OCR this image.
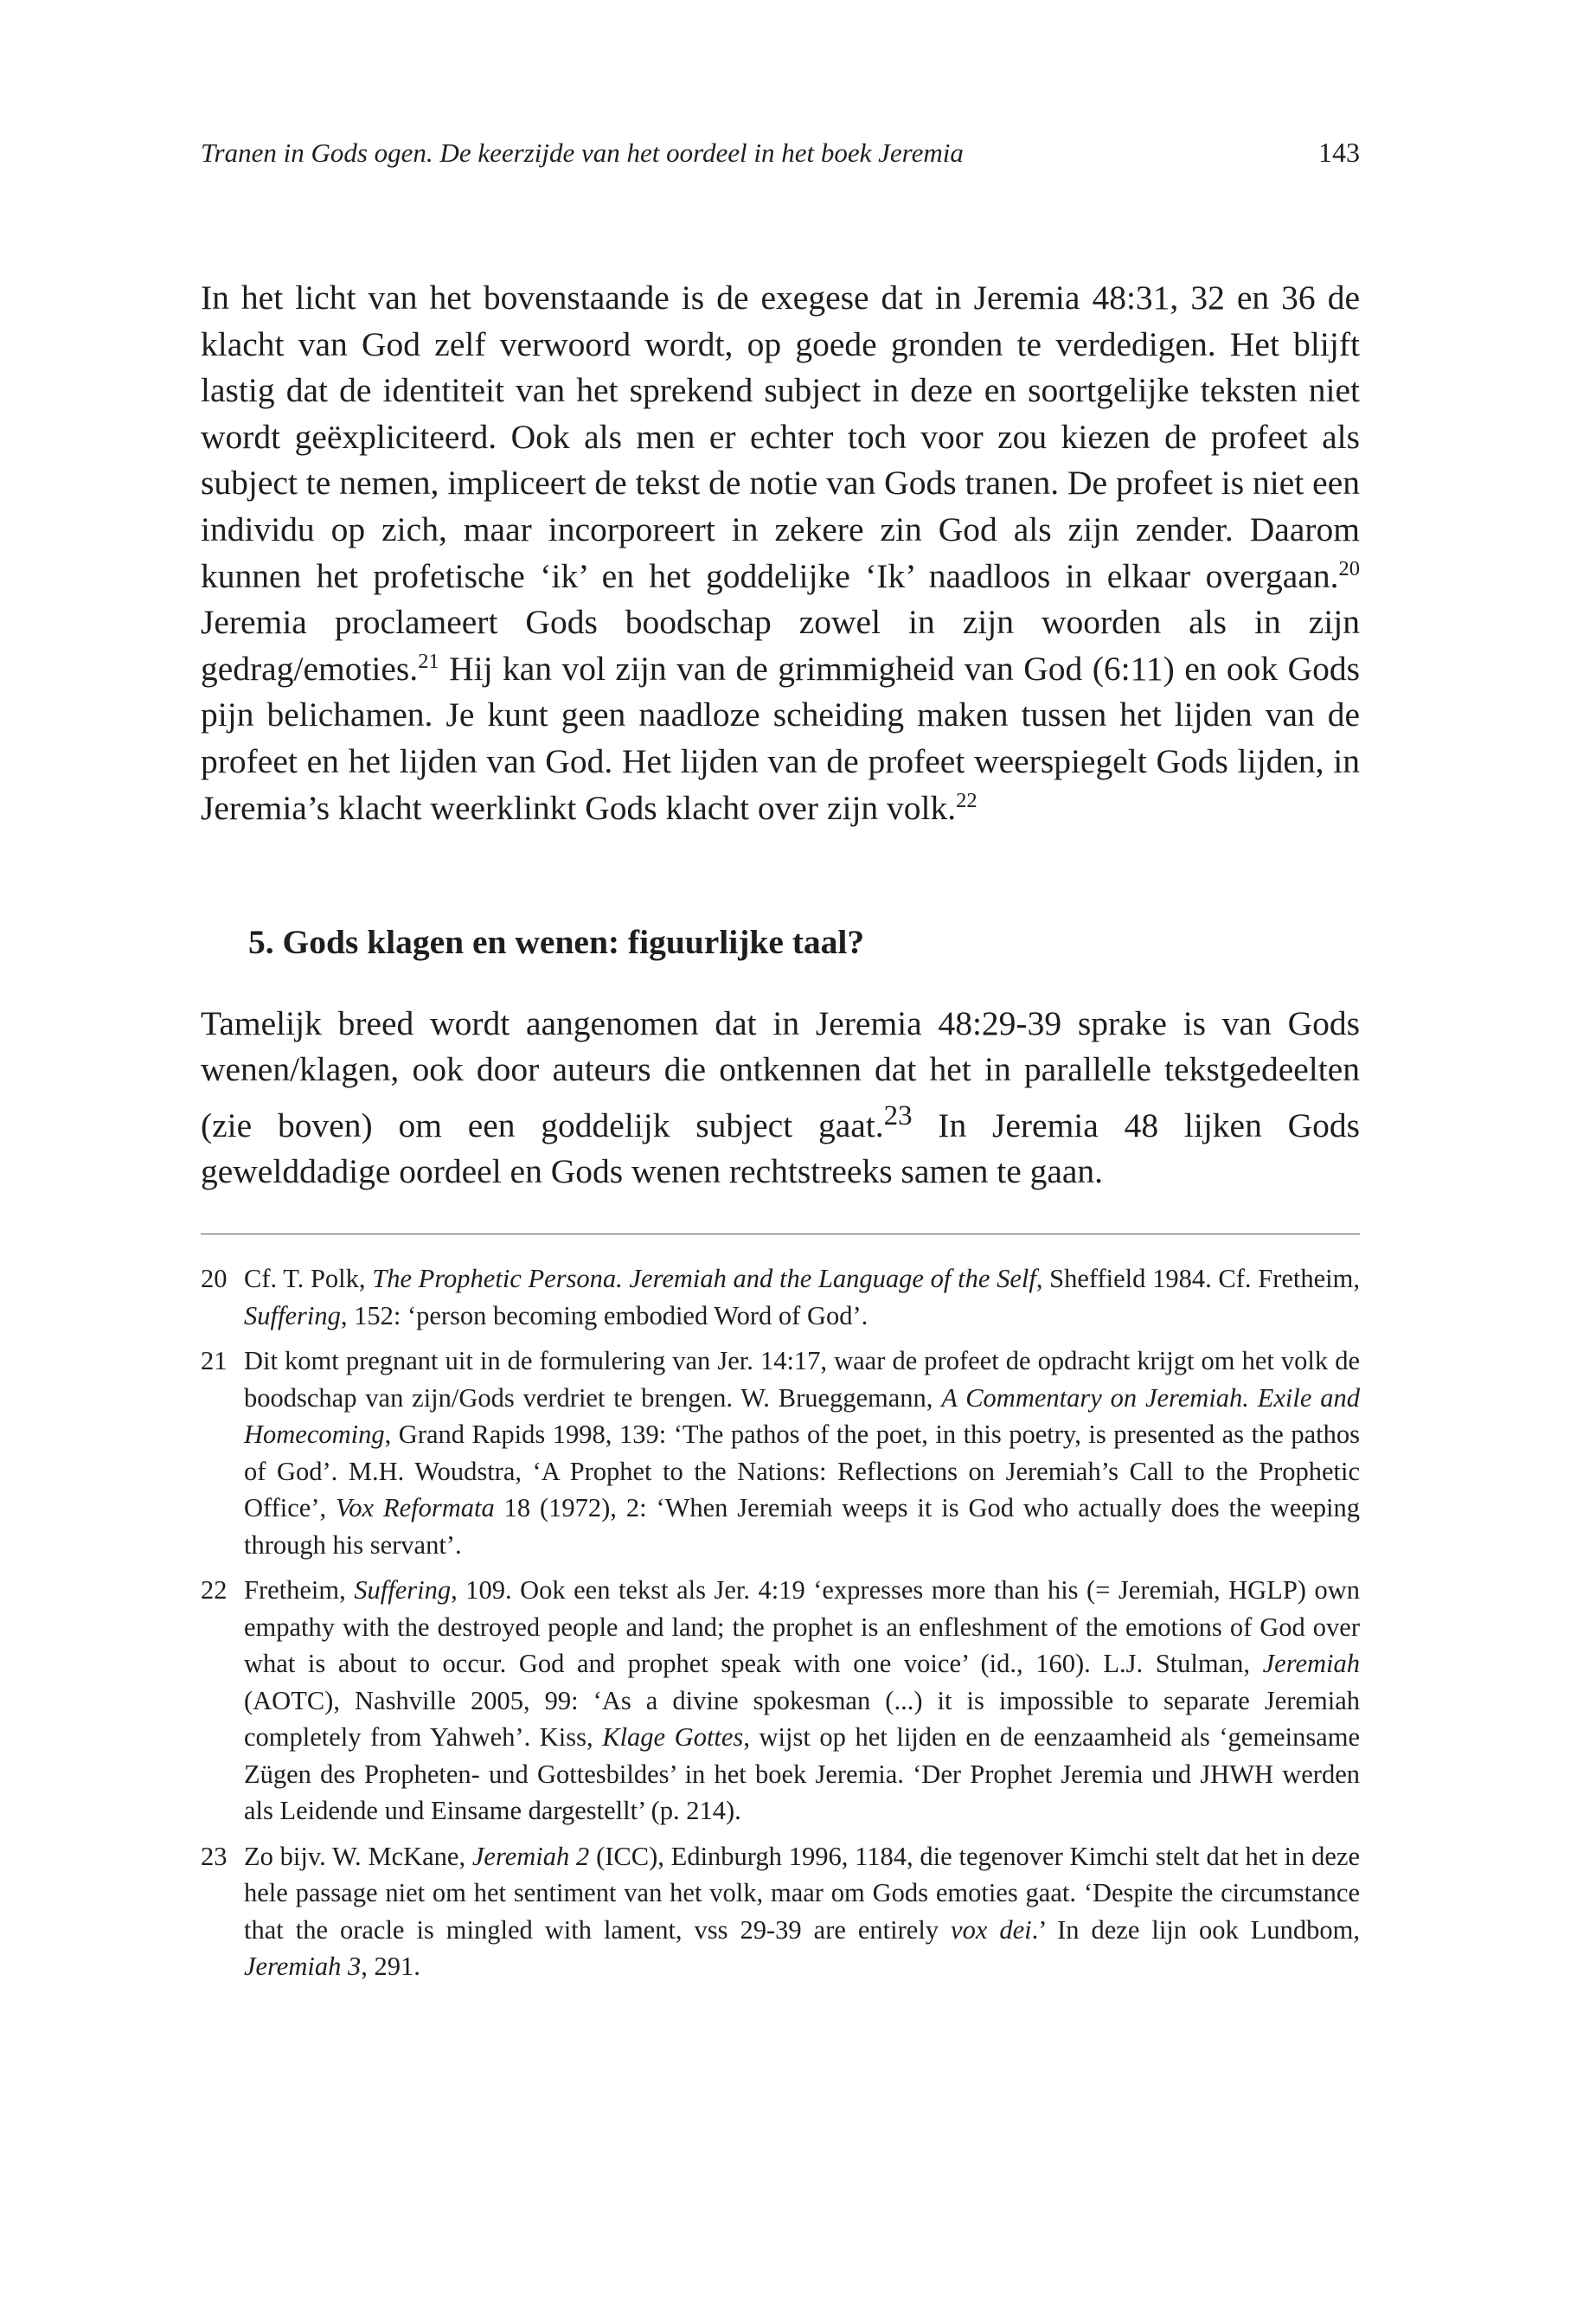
Tranen in Gods ogen. De keerzijde van het oordeel in het boek Jeremia	143

In het licht van het bovenstaande is de exegese dat in Jeremia 48:31, 32 en 36 de klacht van God zelf verwoord wordt, op goede gronden te verdedigen. Het blijft lastig dat de identiteit van het sprekend subject in deze en soortgelijke teksten niet wordt geëxpliciteerd. Ook als men er echter toch voor zou kiezen de profeet als subject te nemen, impliceert de tekst de notie van Gods tranen. De profeet is niet een individu op zich, maar incorporeert in zekere zin God als zijn zender. Daarom kunnen het profetische ‘ik’ en het goddelijke ‘Ik’ naadloos in elkaar overgaan.$^{20}$ Jeremia proclameert Gods boodschap zowel in zijn woorden als in zijn gedrag/emoties.$^{21}$ Hij kan vol zijn van de grimmigheid van God (6:11) en ook Gods pijn belichamen. Je kunt geen naadloze scheiding maken tussen het lijden van de profeet en het lijden van God. Het lijden van de profeet weerspiegelt Gods lijden, in Jeremia’s klacht weerklinkt Gods klacht over zijn volk.$^{22}$

5. Gods klagen en wenen: figuurlijke taal?

Tamelijk breed wordt aangenomen dat in Jeremia 48:29-39 sprake is van Gods wenen/klagen, ook door auteurs die ontkennen dat het in parallelle tekstgedeelten (zie boven) om een goddelijk subject gaat.$^{23}$ In Jeremia 48 lijken Gods gewelddadige oordeel en Gods wenen rechtstreeks samen te gaan.

20 Cf. T. Polk, The Prophetic Persona. Jeremiah and the Language of the Self, Sheffield 1984. Cf. Fretheim, Suffering, 152: ‘person becoming embodied Word of God’.
21 Dit komt pregnant uit in de formulering van Jer. 14:17, waar de profeet de opdracht krijgt om het volk de boodschap van zijn/Gods verdriet te brengen. W. Brueggemann, A Commentary on Jeremiah. Exile and Homecoming, Grand Rapids 1998, 139: ‘The pathos of the poet, in this poetry, is presented as the pathos of God’. M.H. Woudstra, ‘A Prophet to the Nations: Reflections on Jeremiah’s Call to the Prophetic Office’, Vox Reformata 18 (1972), 2: ‘When Jeremiah weeps it is God who actually does the weeping through his servant’.
22 Fretheim, Suffering, 109. Ook een tekst als Jer. 4:19 ‘expresses more than his (= Jeremiah, HGLP) own empathy with the destroyed people and land; the prophet is an enfleshment of the emotions of God over what is about to occur. God and prophet speak with one voice’ (id., 160). L.J. Stulman, Jeremiah (AOTC), Nashville 2005, 99: ‘As a divine spokesman (...) it is impossible to separate Jeremiah completely from Yahweh’. Kiss, Klage Gottes, wijst op het lijden en de eenzaamheid als ‘gemeinsame Zügen des Propheten- und Gottesbildes’ in het boek Jeremia. ‘Der Prophet Jeremia und JHWH werden als Leidende und Einsame dargestellt’ (p. 214).
23 Zo bijv. W. McKane, Jeremiah 2 (ICC), Edinburgh 1996, 1184, die tegenover Kimchi stelt dat het in deze hele passage niet om het sentiment van het volk, maar om Gods emoties gaat. ‘Despite the circumstance that the oracle is mingled with lament, vss 29-39 are entirely vox dei.’ In deze lijn ook Lundbom, Jeremiah 3, 291.
